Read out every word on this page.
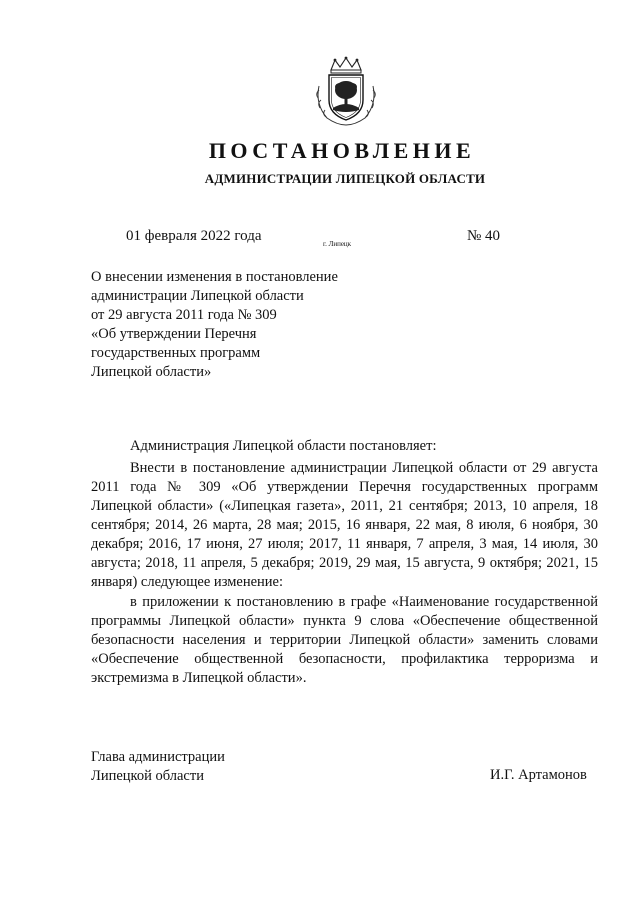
ПОСТАНОВЛЕНИЕ
АДМИНИСТРАЦИИ ЛИПЕЦКОЙ ОБЛАСТИ
01 февраля 2022 года	г. Липецк	№ 40
О внесении изменения в постановление
администрации Липецкой области
от 29 августа 2011 года № 309
«Об утверждении Перечня
государственных программ
Липецкой области»
Администрация Липецкой области постановляет:
Внести в постановление администрации Липецкой области от 29 августа 2011 года № 309 «Об утверждении Перечня государственных программ Липецкой области» («Липецкая газета», 2011, 21 сентября; 2013, 10 апреля, 18 сентября; 2014, 26 марта, 28 мая; 2015, 16 января, 22 мая, 8 июля, 6 ноября, 30 декабря; 2016, 17 июня, 27 июля; 2017, 11 января, 7 апреля, 3 мая, 14 июля, 30 августа; 2018, 11 апреля, 5 декабря; 2019, 29 мая, 15 августа, 9 октября; 2021, 15 января) следующее изменение:
в приложении к постановлению в графе «Наименование государственной программы Липецкой области» пункта 9 слова «Обеспечение общественной безопасности населения и территории Липецкой области» заменить словами «Обеспечение общественной безопасности, профилактика терроризма и экстремизма в Липецкой области».
Глава администрации
Липецкой области	И.Г. Артамонов
